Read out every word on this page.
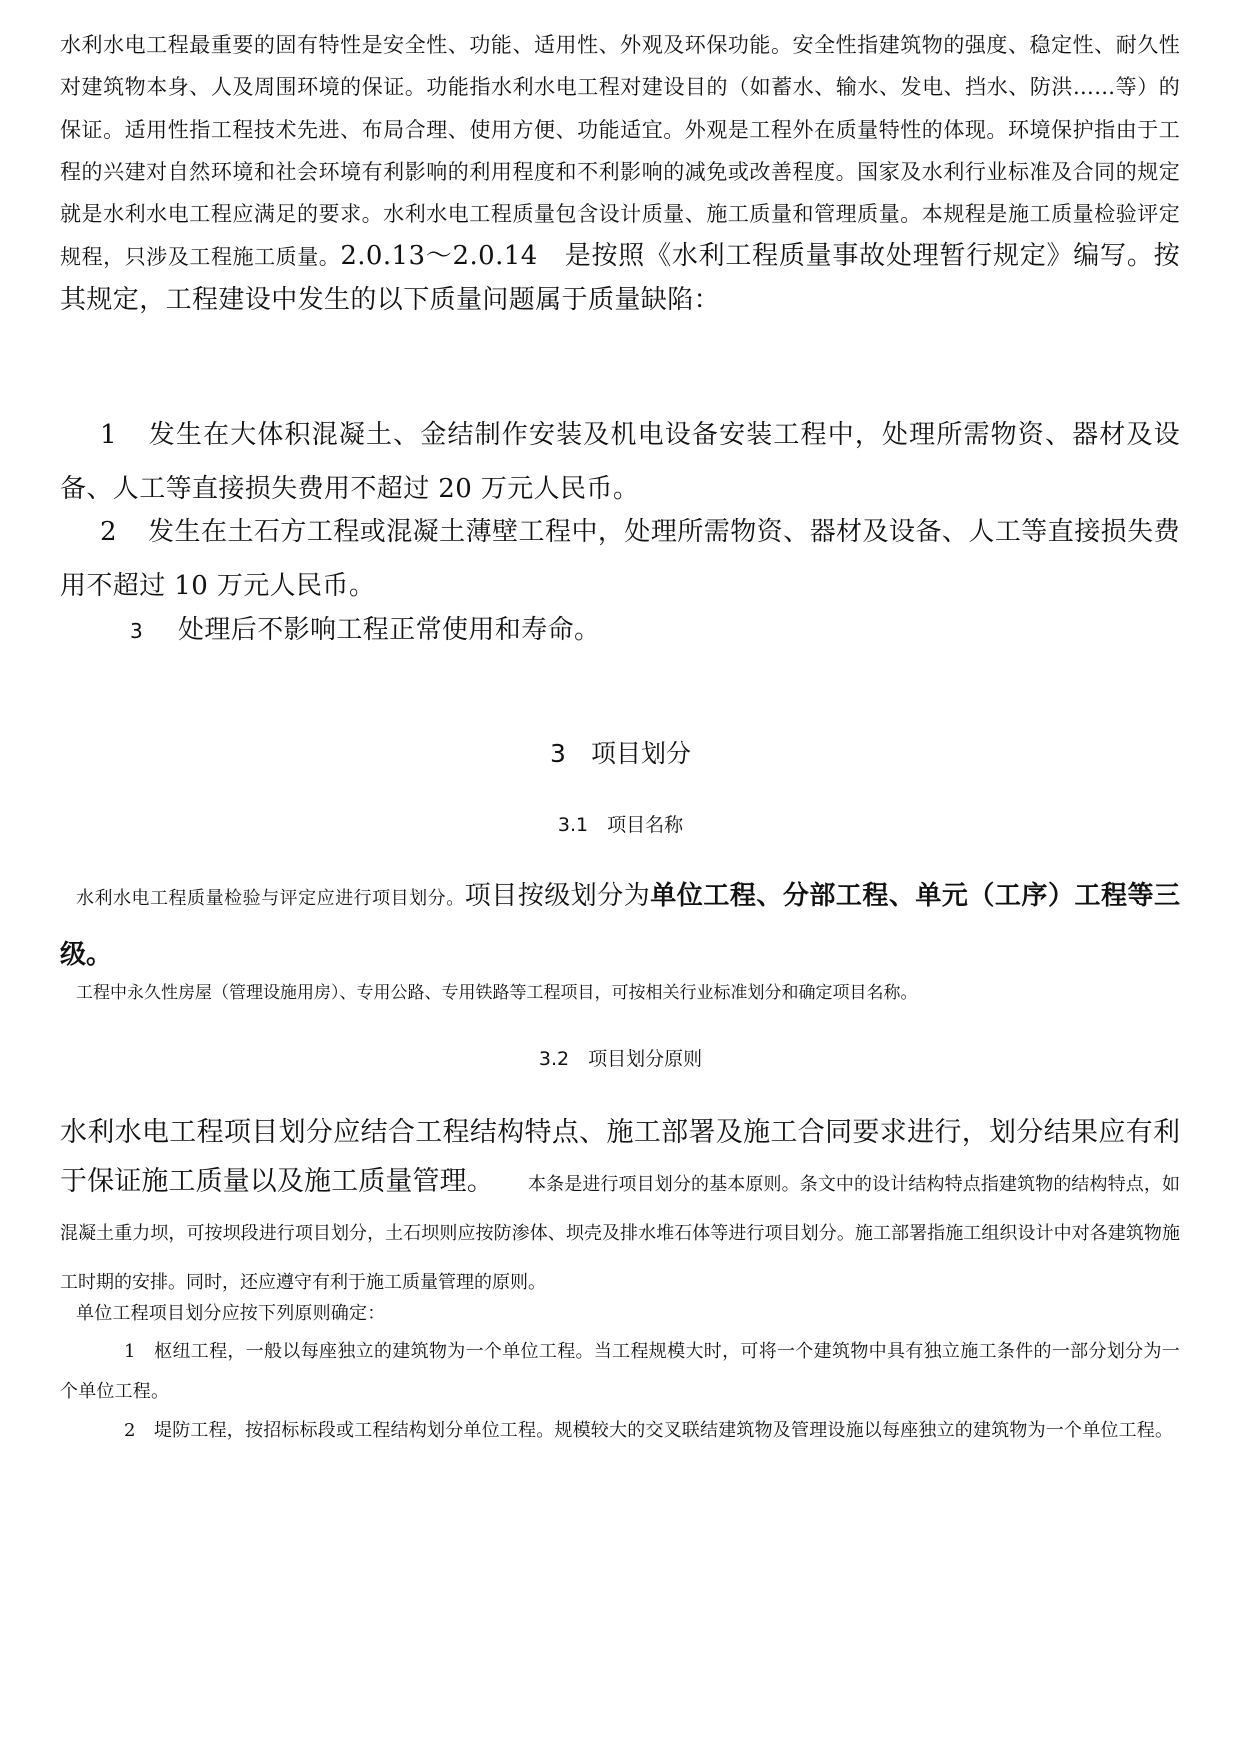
水利水电工程最重要的固有特性是安全性、功能、适用性、外观及环保功能。安全性指建筑物的强度、稳定性、耐久性对建筑物本身、人及周围环境的保证。功能指水利水电工程对建设目的（如蓄水、输水、发电、挡水、防洪……等）的保证。适用性指工程技术先进、布局合理、使用方便、功能适宜。外观是工程外在质量特性的体现。环境保护指由于工程的兴建对自然环境和社会环境有利影响的利用程度和不利影响的减免或改善程度。国家及水利行业标准及合同的规定就是水利水电工程应满足的要求。水利水电工程质量包含设计质量、施工质量和管理质量。本规程是施工质量检验评定规程，只涉及工程施工质量。2.0.13～2.0.14　是按照《水利工程质量事故处理暂行规定》编写。按其规定，工程建设中发生的以下质量问题属于质量缺陷：

1 发生在大体积混凝土、金结制作安装及机电设备安装工程中，处理所需物资、器材及设备、人工等直接损失费用不超过 20 万元人民币。

2 发生在土石方工程或混凝土薄壁工程中，处理所需物资、器材及设备、人工等直接损失费用不超过 10 万元人民币。

3 处理后不影响工程正常使用和寿命。

3　项目划分
3.1　项目名称

水利水电工程质量检验与评定应进行项目划分。项目按级划分为单位工程、分部工程、单元（工序）工程等三级。

工程中永久性房屋（管理设施用房）、专用公路、专用铁路等工程项目，可按相关行业标准划分和确定项目名称。

3.2　项目划分原则

水利水电工程项目划分应结合工程结构特点、施工部署及施工合同要求进行，划分结果应有利于保证施工质量以及施工质量管理。 本条是进行项目划分的基本原则。条文中的设计结构特点指建筑物的结构特点，如混凝土重力坝，可按坝段进行项目划分，土石坝则应按防渗体、坝壳及排水堆石体等进行项目划分。施工部署指施工组织设计中对各建筑物施工时期的安排。同时，还应遵守有利于施工质量管理的原则。

单位工程项目划分应按下列原则确定：

1 枢纽工程，一般以每座独立的建筑物为一个单位工程。当工程规模大时，可将一个建筑物中具有独立施工条件的一部分划分为一个单位工程。

2 堤防工程，按招标标段或工程结构划分单位工程。规模较大的交叉联结建筑物及管理设施以每座独立的建筑物为一个单位工程。
